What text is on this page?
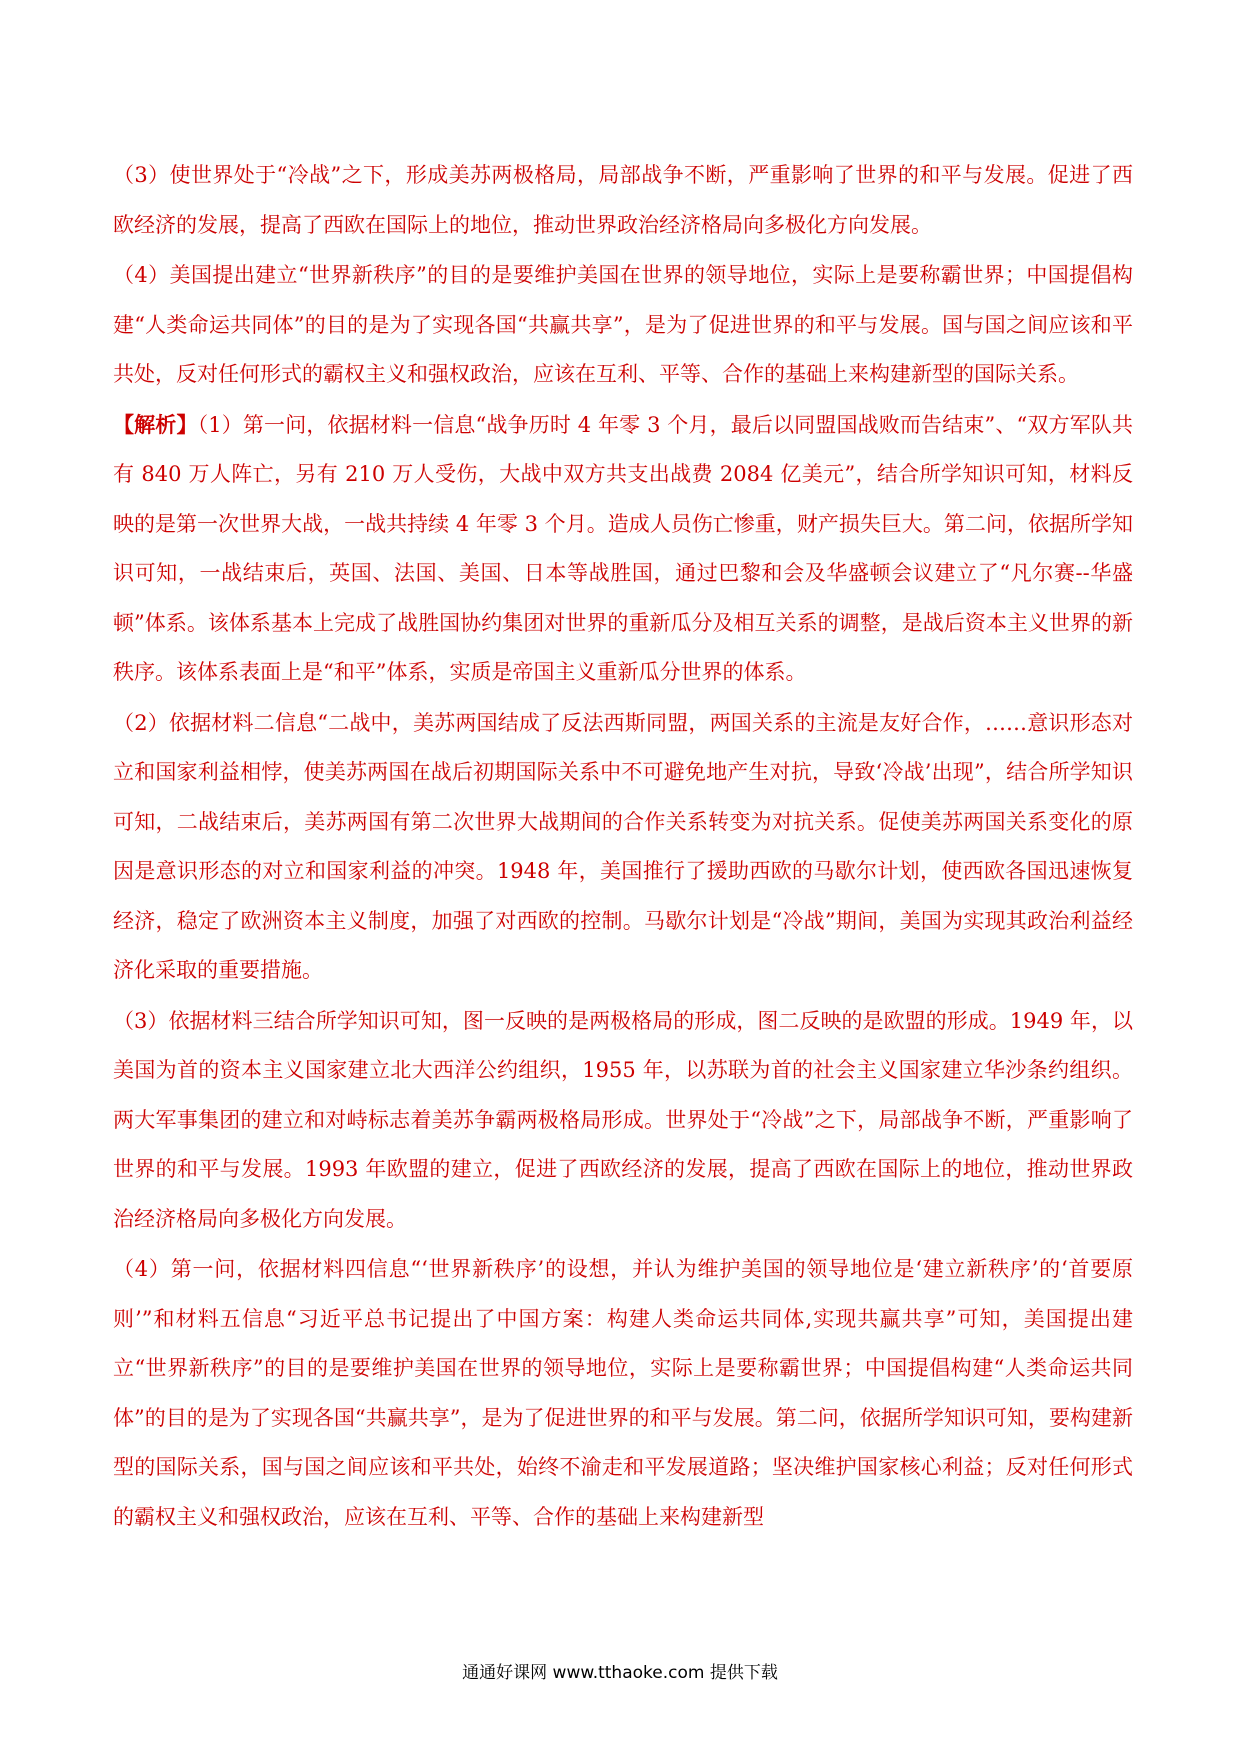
（3）使世界处于“冷战”之下，形成美苏两极格局，局部战争不断，严重影响了世界的和平与发展。促进了西欧经济的发展，提高了西欧在国际上的地位，推动世界政治经济格局向多极化方向发展。

（4）美国提出建立“世界新秩序”的目的是要维护美国在世界的领导地位，实际上是要称霸世界；中国提倡构建“人类命运共同体”的目的是为了实现各国“共赢共享”，是为了促进世界的和平与发展。国与国之间应该和平共处，反对任何形式的霸权主义和强权政治，应该在互利、平等、合作的基础上来构建新型的国际关系。

【解析】（1）第一问，依据材料一信息“战争历时 4 年零 3 个月，最后以同盟国战败而告结束”、“双方军队共有 840 万人阵亡，另有 210 万人受伤，大战中双方共支出战费 2084 亿美元”，结合所学知识可知，材料反映的是第一次世界大战，一战共持续 4 年零 3 个月。造成人员伤亡惨重，财产损失巨大。第二问，依据所学知识可知，一战结束后，英国、法国、美国、日本等战胜国，通过巴黎和会及华盛顿会议建立了“凡尔赛--华盛顿”体系。该体系基本上完成了战胜国协约集团对世界的重新瓜分及相互关系的调整，是战后资本主义世界的新秩序。该体系表面上是“和平”体系，实质是帝国主义重新瓜分世界的体系。

（2）依据材料二信息“二战中，美苏两国结成了反法西斯同盟，两国关系的主流是友好合作，……意识形态对立和国家利益相悖，使美苏两国在战后初期国际关系中不可避免地产生对抗，导致‘冷战’出现”，结合所学知识可知，二战结束后，美苏两国有第二次世界大战期间的合作关系转变为对抗关系。促使美苏两国关系变化的原因是意识形态的对立和国家利益的冲突。1948 年，美国推行了援助西欧的马歇尔计划，使西欧各国迅速恢复经济，稳定了欧洲资本主义制度，加强了对西欧的控制。马歇尔计划是“冷战”期间，美国为实现其政治利益经济化采取的重要措施。

（3）依据材料三结合所学知识可知，图一反映的是两极格局的形成，图二反映的是欧盟的形成。1949 年，以美国为首的资本主义国家建立北大西洋公约组织，1955 年，以苏联为首的社会主义国家建立华沙条约组织。两大军事集团的建立和对峙标志着美苏争霸两极格局形成。世界处于“冷战”之下，局部战争不断，严重影响了世界的和平与发展。1993 年欧盟的建立，促进了西欧经济的发展，提高了西欧在国际上的地位，推动世界政治经济格局向多极化方向发展。

（4）第一问，依据材料四信息“‘世界新秩序’的设想，并认为维护美国的领导地位是‘建立新秩序’的‘首要原则’”和材料五信息“习近平总书记提出了中国方案：构建人类命运共同体,实现共赢共享”可知，美国提出建立“世界新秩序”的目的是要维护美国在世界的领导地位，实际上是要称霸世界；中国提倡构建“人类命运共同体”的目的是为了实现各国“共赢共享”，是为了促进世界的和平与发展。第二问，依据所学知识可知，要构建新型的国际关系，国与国之间应该和平共处，始终不渝走和平发展道路；坚决维护国家核心利益；反对任何形式的霸权主义和强权政治，应该在互利、平等、合作的基础上来构建新型

通通好课网 www.tthaoke.com 提供下载
